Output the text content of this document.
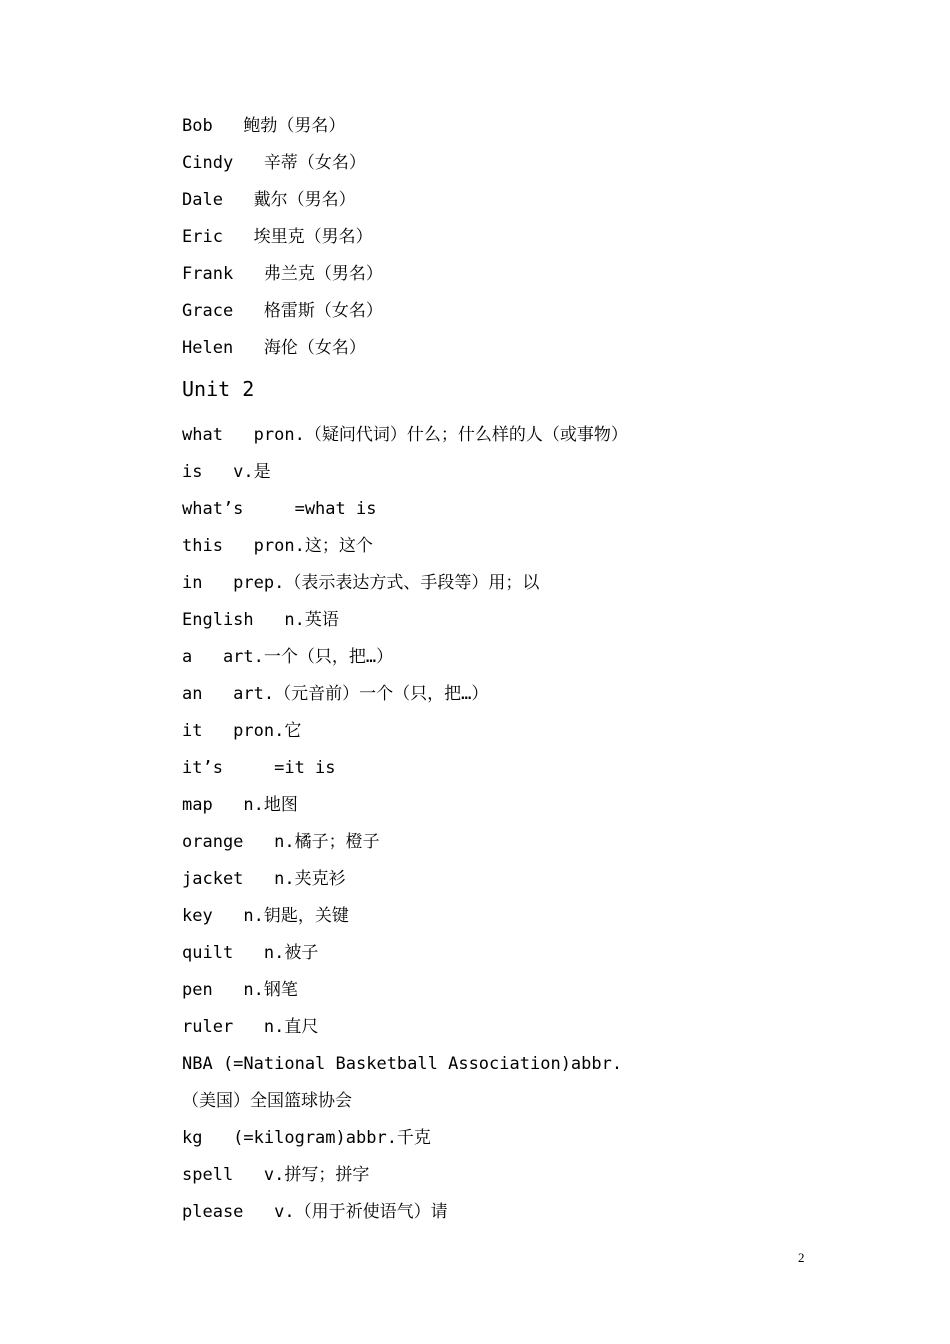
Bob   鲍勃（男名）
Cindy   辛蒂（女名）
Dale   戴尔（男名）
Eric   埃里克（男名）
Frank   弗兰克（男名）
Grace   格雷斯（女名）
Helen   海伦（女名）
Unit 2
what   pron.（疑问代词）什么；什么样的人（或事物）
is   v.是
what’s     =what is
this   pron.这；这个
in   prep.（表示表达方式、手段等）用；以
English   n.英语
a   art.一个（只，把…）
an   art.（元音前）一个（只，把…）
it   pron.它
it’s     =it is
map   n.地图
orange   n.橘子；橙子
jacket   n.夹克衫
key   n.钥匙，关键
quilt   n.被子
pen   n.钢笔
ruler   n.直尺
NBA (=National Basketball Association)abbr.
（美国）全国篮球协会
kg   (=kilogram)abbr.千克
spell   v.拼写；拼字
please   v.（用于祈使语气）请
2
